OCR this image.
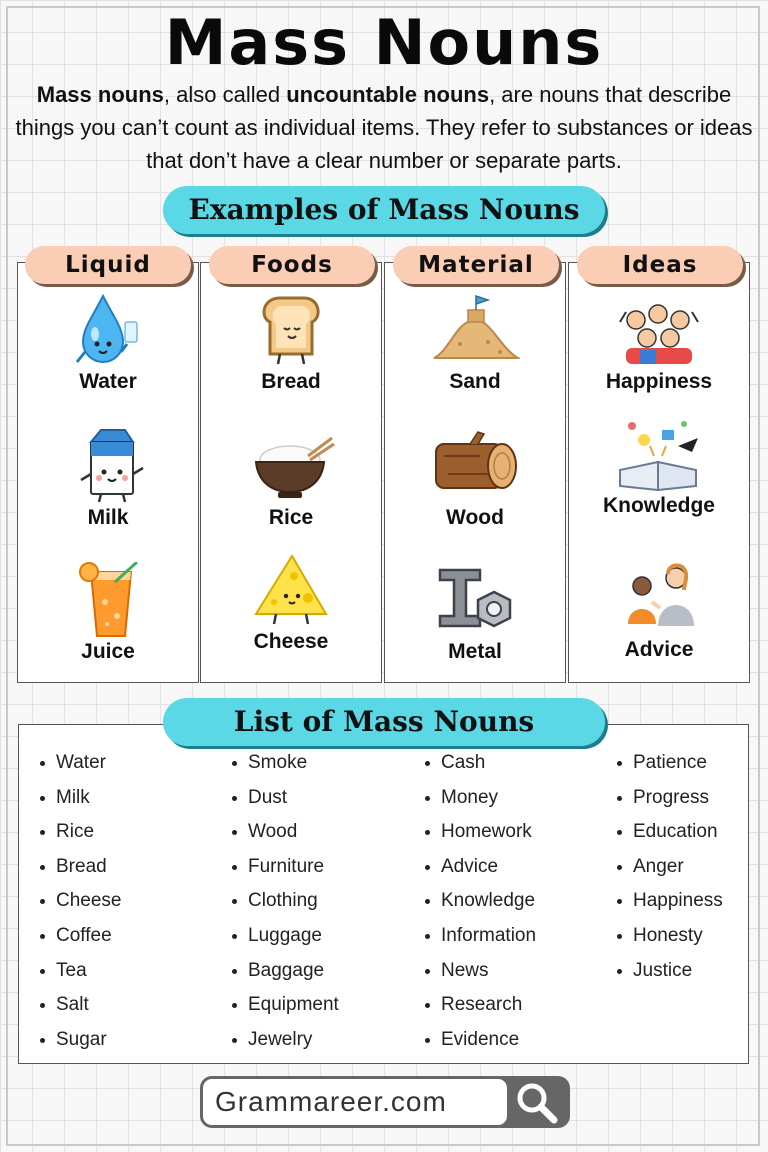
Mass Nouns

Mass nouns, also called uncountable nouns, are nouns that describe things you can’t count as individual items. They refer to substances or ideas that don’t have a clear number or separate parts.

Examples of Mass Nouns
Liquid	Foods	Material	Ideas
Water
Milk
Juice
Bread
Rice
Cheese
Sand
Wood
Metal
Happiness
Knowledge
Advice
List of Mass Nouns
Water
Milk
Rice
Bread
Cheese
Coffee
Tea
Salt
Sugar
Smoke
Dust
Wood
Furniture
Clothing
Luggage
Baggage
Equipment
Jewelry
Cash
Money
Homework
Advice
Knowledge
Information
News
Research
Evidence
Patience
Progress
Education
Anger
Happiness
Honesty
Justice
Grammareer.com
